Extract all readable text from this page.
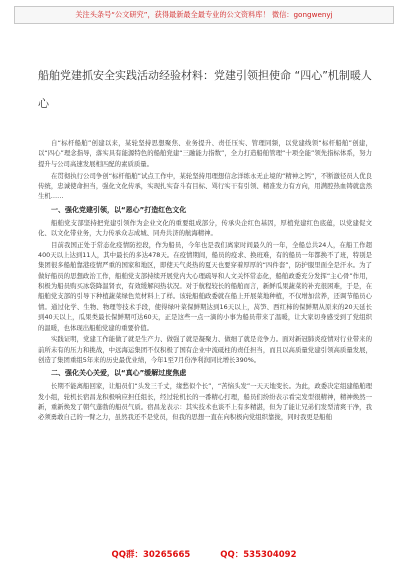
关注头条号“公文研究”，获得最新最全最专业的公文资料库！ 微信：gongwenyj
船舶党建抓安全实践活动经验材料：党建引领担使命 “四心”机制暖人心

自“标杆船舶”创建以来，某轮坚持思想聚焦、业务提升、责任压实、管理同频，以党建线领“标杆船舶”创建，以“四心”理念指导，落实具有能源特色的船舶党建“三融能力指数”，全力打造船舶管理“十项全能”领先指标体系，努力提升与公司高速发展相匹配的素质质量。

在贯彻执行公司争创“标杆船舶”试点工作中，某轮坚持用理想信念洋练永无止境的“精神之钙”，不断激径员人优良传统，忠诚使命担当，强化文化传承，实现扎实奋斗有目标、骂行实干有引领、精准发力有方向，用满腔热血铸就盘然生机……

一、强化党建引领，以“恩心”打造红色文化

船舶党支部坚持把党建引领作为企业文化的重要组成部分，传承央企红色基因，厚植党建红色底蕴，以党建促文化、以文化带业务，大力传承众志成城、同舟共济的航海精神。

目前我国正处于常态化疫情防控段，作为船员，今年也是我们离家时间最久的一年，全船总共24人，在船工作超400天以上达到11人，其中最长的多达478天。在疫情期间，船员的疫求、换班难，有的船员一年都换不了班，特别是集团很多船舶靠港疫情严重的国家和地区，即使天气炎热的夏天也要穿着厚厚的“四件套”，防护服里面全是汗水。为了做好船员的思想政治工作，船舶党支部持续开展党内大心理疏导和人文关怀常态化，船舶政委充分发挥“主心骨”作用，积极为船员购买冰袋降温肾衣，有效缓解闷热状况。对于航程较长的船舶而言，新鲜瓜果蔬菜的补充很困难，于是，在船舶党支部的引导下种植蔬菜绿色荒材料上了样。该轮船舶政委就在船上开展菜地种植，不仅增加营养，还调节船员心情。通过化学、生物、物理等技术手段，使得绿叶菜保鲜期达到16天以上，莴笋、西红柿的保鲜期从原来的20天延长到40天以上，瓜果类最长保鲜期可达60天，正是这些一点一滴的小事为船员带来了温暖，让大家切身感受到了党组织的温暖，也体现出船舶党建的重要价值。

实践证明，党建工作能做了就是生产力、做强了就是凝聚力、做细了就是竞争力。面对新冠肺炎疫情对行业带来的前所未有的压力和挑战，中远海运集团不仅积极了国有企业中流砥柱的责任担当，而且以高质量党建引领高质量发展，创造了集团重组5年来的历史最优业绩，今年1至7月份净利润同比增长390%。

二、强化关心关爱，以“真心”缓解过度焦虑

长期不能离船回家，让船员们“头发三千丈，缘愁似个长”，“苦恼头发”一天天地变长。为此，政委决定组建船舶理发小组，轮机长宿昌龙积极响应担任组长，经过轮机长的一番精心打理，船员们纷纷表示看完发型很精神，精神焕然一新，重新焕发了朝气蓬勃的船员气质。宿昌龙表示：其实技术也谈不上有多精湛，但为了能让兄弟们发型清爽干净，我必须勇敢自己的一臂之力，虽然我还不是党员，但我的思想一直在向积极向党组织靠拢，同时我更是船舶

QQ群：30265665	QQ：535304092
